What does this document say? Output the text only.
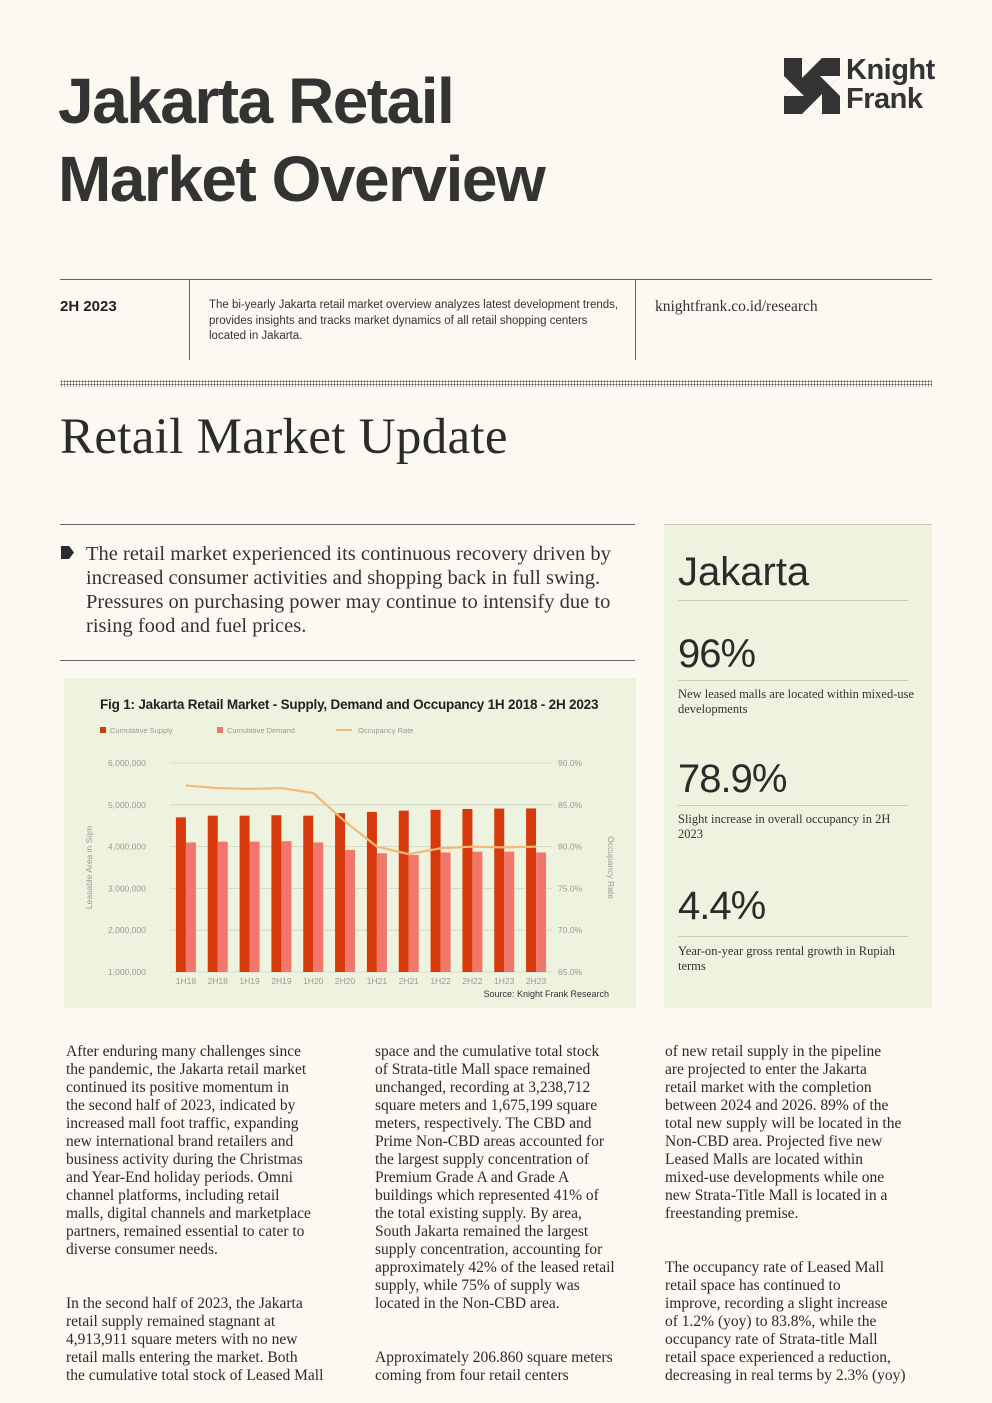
Jakarta Retail
Market Overview
Knight
Frank
2H 2023	The bi-yearly Jakarta retail market overview analyzes latest development trends, provides insights and tracks market dynamics of all retail shopping centers located in Jakarta.
knightfrank.co.id/research
Retail Market Update
The retail market experienced its continuous recovery driven by increased consumer activities and shopping back in full swing. Pressures on purchasing power may continue to intensify due to rising food and fuel prices.
Fig 1: Jakarta Retail Market - Supply, Demand and Occupancy 1H 2018 - 2H 2023
1,000,000
2,000,000
3,000,000
4,000,000
5,000,000
6,000,000
65.0%
70.0%
75.0%
80.0%
85.0%
90.0%
Leasable Area in Sqm	Occupancy Rate
Cumulative Supply	Cumulative Demand	Occupancy Rate
1H18 2H18 1H19 2H19 1H20 2H20 1H21 2H21 1H22 2H22 1H23 2H23
Source: Knight Frank Research
Jakarta
96%
New leased malls are located within mixed-use developments
78.9%
Slight increase in overall occupancy in 2H 2023
4.4%
Year-on-year gross rental growth in Rupiah terms

After enduring many challenges since
the pandemic, the Jakarta retail market
continued its positive momentum in
the second half of 2023, indicated by
increased mall foot traffic, expanding
new international brand retailers and
business activity during the Christmas
and Year-End holiday periods. Omni
channel platforms, including retail
malls, digital channels and marketplace
partners, remained essential to cater to
diverse consumer needs.

In the second half of 2023, the Jakarta
retail supply remained stagnant at
4,913,911 square meters with no new
retail malls entering the market. Both
the cumulative total stock of Leased Mall

space and the cumulative total stock
of Strata-title Mall space remained
unchanged, recording at 3,238,712
square meters and 1,675,199 square
meters, respectively. The CBD and
Prime Non-CBD areas accounted for
the largest supply concentration of
Premium Grade A and Grade A
buildings which represented 41% of
the total existing supply. By area,
South Jakarta remained the largest
supply concentration, accounting for
approximately 42% of the leased retail
supply, while 75% of supply was
located in the Non-CBD area.

Approximately 206.860 square meters
coming from four retail centers

of new retail supply in the pipeline
are projected to enter the Jakarta
retail market with the completion
between 2024 and 2026. 89% of the
total new supply will be located in the
Non-CBD area. Projected five new
Leased Malls are located within
mixed-use developments while one
new Strata-Title Mall is located in a
freestanding premise.

The occupancy rate of Leased Mall
retail space has continued to
improve, recording a slight increase
of 1.2% (yoy) to 83.8%, while the
occupancy rate of Strata-title Mall
retail space experienced a reduction,
decreasing in real terms by 2.3% (yoy)
